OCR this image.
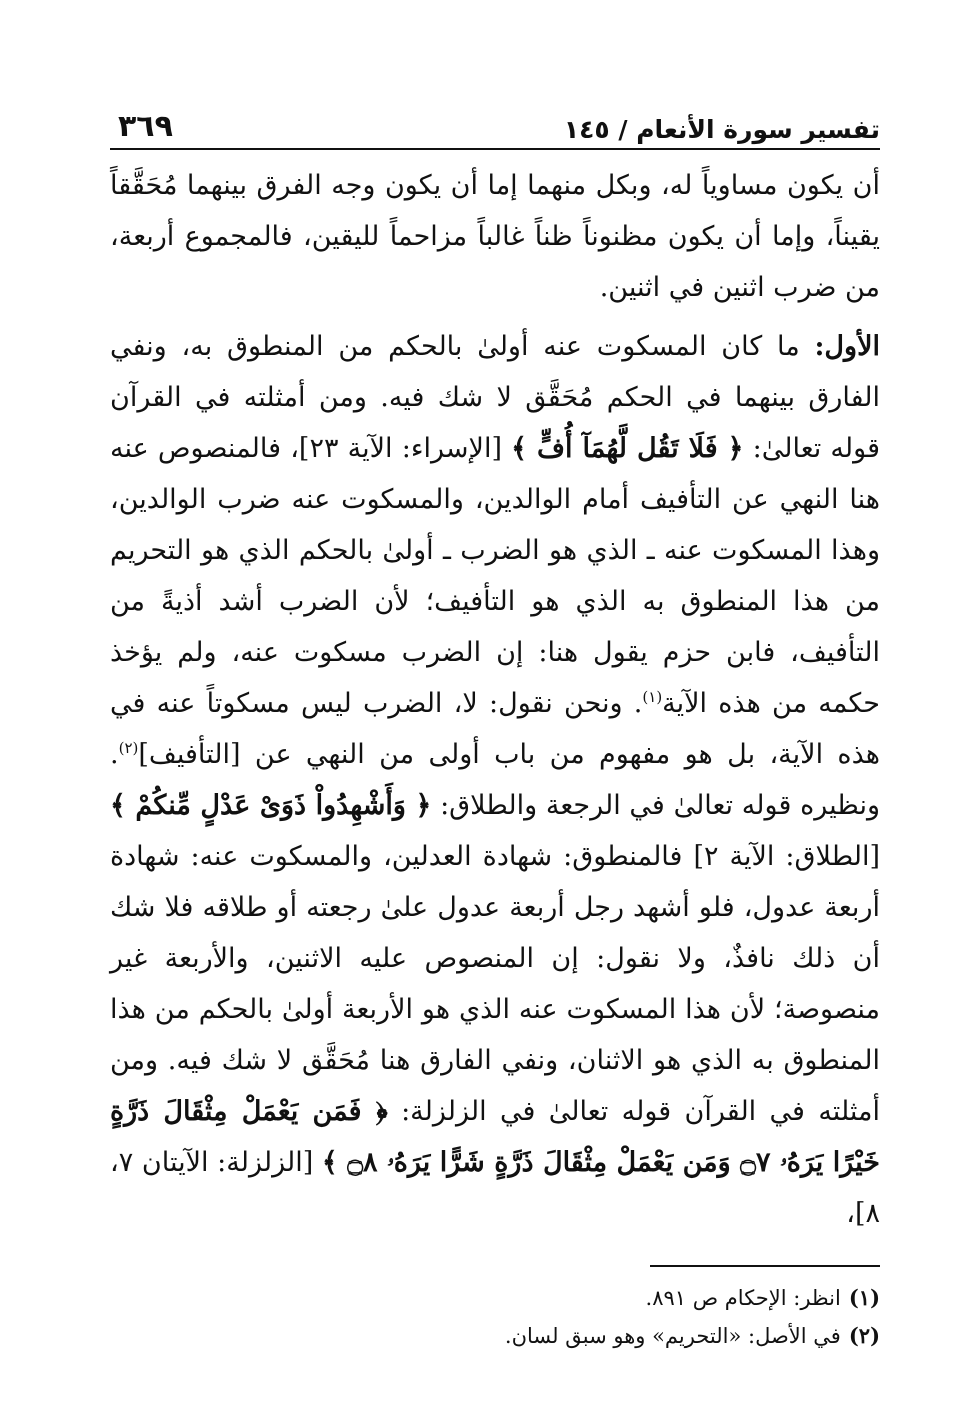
تفسير سورة الأنعام / ١٤٥
٣٦٩

أن يكون مساوياً له، وبكل منهما إما أن يكون وجه الفرق بينهما مُحَقَّقاً يقيناً، وإما أن يكون مظنوناً ظناً غالباً مزاحماً لليقين، فالمجموع أربعة، من ضرب اثنين في اثنين.

الأول: ما كان المسكوت عنه أولىٰ بالحكم من المنطوق به، ونفي الفارق بينهما في الحكم مُحَقَّق لا شك فيه. ومن أمثلته في القرآن قوله تعالىٰ: ﴿ فَلَا تَقُل لَّهُمَآ أُفٍّ ﴾ [الإسراء: الآية ٢٣]، فالمنصوص عنه هنا النهي عن التأفيف أمام الوالدين، والمسكوت عنه ضرب الوالدين، وهذا المسكوت عنه ـ الذي هو الضرب ـ أولىٰ بالحكم الذي هو التحريم من هذا المنطوق به الذي هو التأفيف؛ لأن الضرب أشد أذيةً من التأفيف، فابن حزم يقول هنا: إن الضرب مسكوت عنه، ولم يؤخذ حكمه من هذه الآية$^{(١)}$. ونحن نقول: لا، الضرب ليس مسكوتاً عنه في هذه الآية، بل هو مفهوم من باب أولى من النهي عن [التأفيف]$^{(٢)}$. ونظيره قوله تعالىٰ في الرجعة والطلاق: ﴿ وَأَشْهِدُواْ ذَوَىْ عَدْلٍ مِّنكُمْ ﴾ [الطلاق: الآية ٢] فالمنطوق: شهادة العدلين، والمسكوت عنه: شهادة أربعة عدول، فلو أشهد رجل أربعة عدول علىٰ رجعته أو طلاقه فلا شك أن ذلك نافذٌ، ولا نقول: إن المنصوص عليه الاثنين، والأربعة غير منصوصة؛ لأن هذا المسكوت عنه الذي هو الأربعة أولىٰ بالحكم من هذا المنطوق به الذي هو الاثنان، ونفي الفارق هنا مُحَقَّق لا شك فيه. ومن أمثلته في القرآن قوله تعالىٰ في الزلزلة: ﴿ فَمَن يَعْمَلْ مِثْقَالَ ذَرَّةٍ خَيْرًا يَرَهُۥ ۝٧ وَمَن يَعْمَلْ مِثْقَالَ ذَرَّةٍ شَرًّا يَرَهُۥ ۝٨ ﴾ [الزلزلة: الآيتان ٧، ٨]،

(١)انظر: الإحكام ص ٨٩١.
(٢)في الأصل: «التحريم» وهو سبق لسان.
